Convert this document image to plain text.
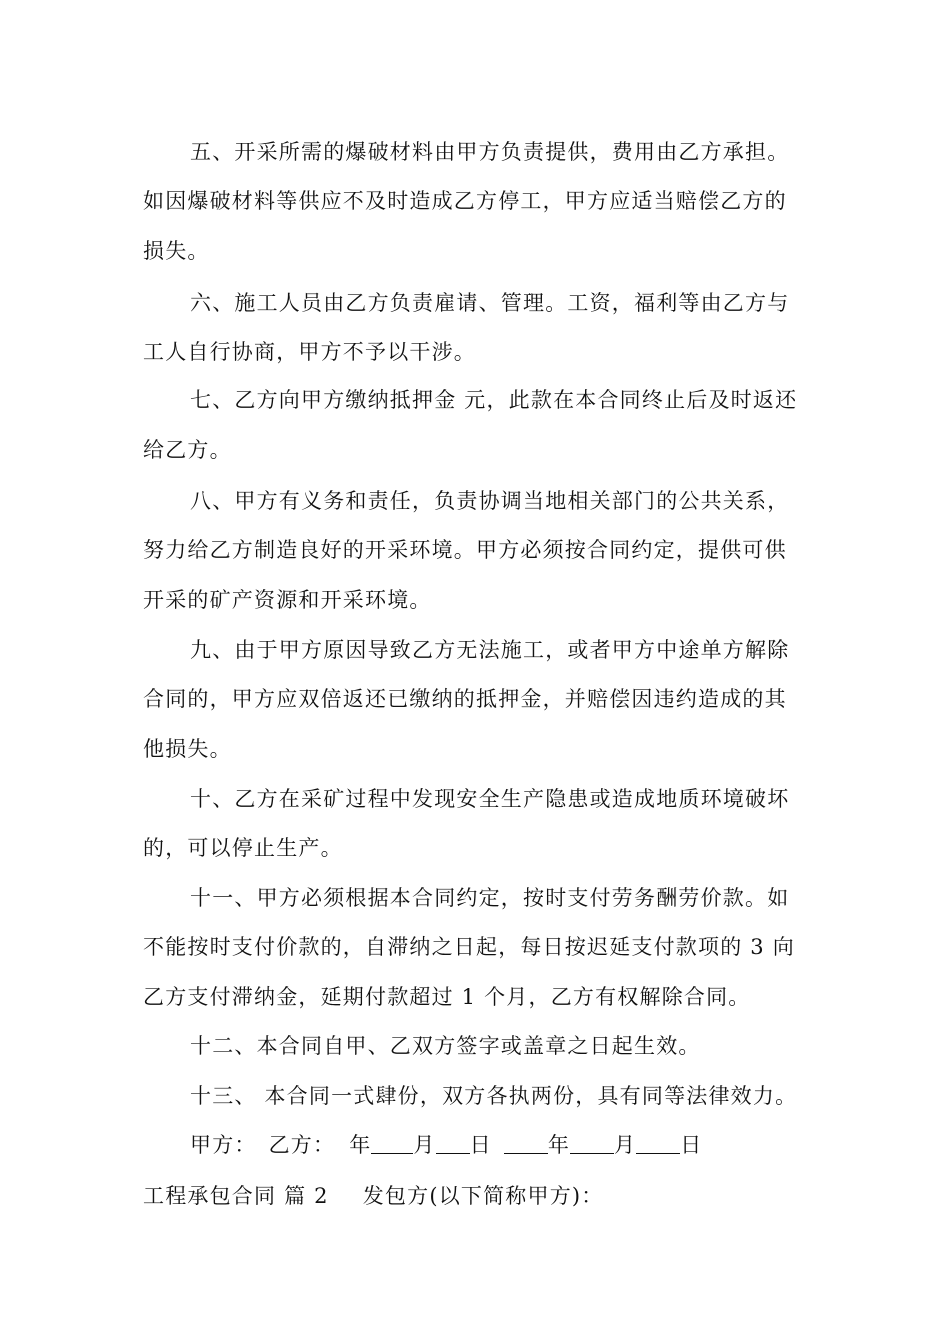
五、开采所需的爆破材料由甲方负责提供，费用由乙方承担。
如因爆破材料等供应不及时造成乙方停工，甲方应适当赔偿乙方的
损失。
六、施工人员由乙方负责雇请、管理。工资，福利等由乙方与
工人自行协商，甲方不予以干涉。
七、乙方向甲方缴纳抵押金 元，此款在本合同终止后及时返还
给乙方。
八、甲方有义务和责任，负责协调当地相关部门的公共关系，
努力给乙方制造良好的开采环境。甲方必须按合同约定，提供可供
开采的矿产资源和开采环境。
九、由于甲方原因导致乙方无法施工，或者甲方中途单方解除
合同的，甲方应双倍返还已缴纳的抵押金，并赔偿因违约造成的其
他损失。
十、乙方在采矿过程中发现安全生产隐患或造成地质环境破坏
的，可以停止生产。
十一、甲方必须根据本合同约定，按时支付劳务酬劳价款。如
不能按时支付价款的，自滞纳之日起，每日按迟延支付款项的 3 向
乙方支付滞纳金，延期付款超过 1 个月，乙方有权解除合同。
十二、本合同自甲、乙双方签字或盖章之日起生效。
十三、 本合同一式肆份，双方各执两份，具有同等法律效力。
甲方： 乙方： 年 月 日	年 月 日
工程承包合同 篇 2 发包方(以下简称甲方)：
